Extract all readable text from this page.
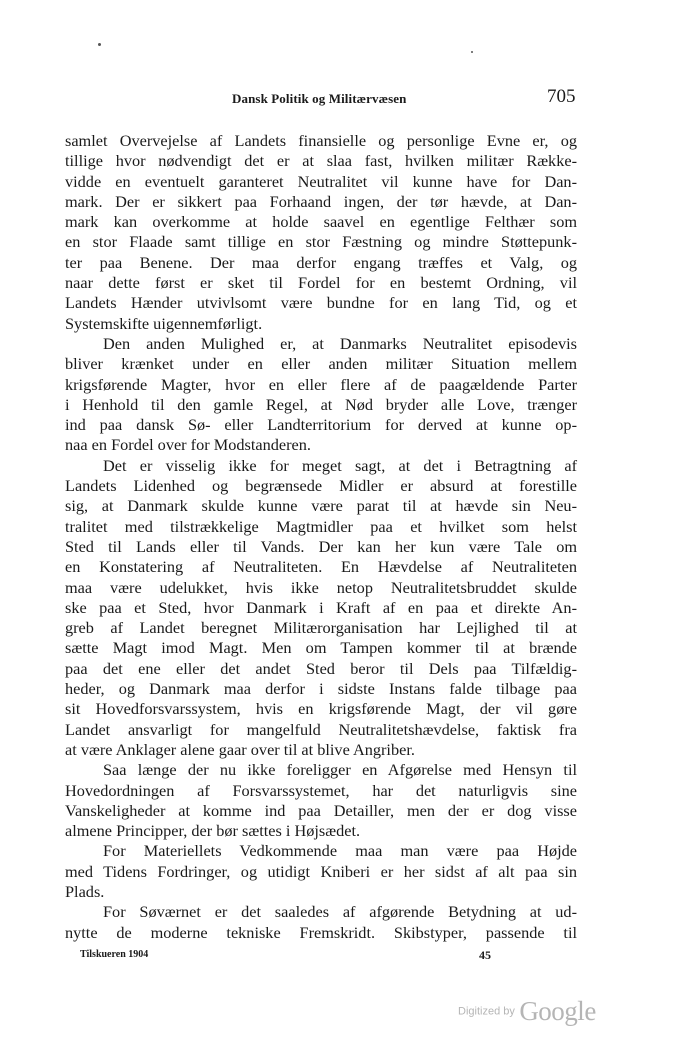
Dansk Politik og Militærvæsen	705
samlet Overvejelse af Landets finansielle og personlige Evne er, og
tillige hvor nødvendigt det er at slaa fast, hvilken militær Række-
vidde en eventuelt garanteret Neutralitet vil kunne have for Dan-
mark. Der er sikkert paa Forhaand ingen, der tør hævde, at Dan-
mark kan overkomme at holde saavel en egentlige Felthær som
en stor Flaade samt tillige en stor Fæstning og mindre Støttepunk-
ter paa Benene. Der maa derfor engang træffes et Valg, og
naar dette først er sket til Fordel for en bestemt Ordning, vil
Landets Hænder utvivlsomt være bundne for en lang Tid, og et
Systemskifte uigennemførligt.
Den anden Mulighed er, at Danmarks Neutralitet episodevis
bliver krænket under en eller anden militær Situation mellem
krigsførende Magter, hvor en eller flere af de paagældende Parter
i Henhold til den gamle Regel, at Nød bryder alle Love, trænger
ind paa dansk Sø- eller Landterritorium for derved at kunne op-
naa en Fordel over for Modstanderen.
Det er visselig ikke for meget sagt, at det i Betragtning af
Landets Lidenhed og begrænsede Midler er absurd at forestille
sig, at Danmark skulde kunne være parat til at hævde sin Neu-
tralitet med tilstrækkelige Magtmidler paa et hvilket som helst
Sted til Lands eller til Vands. Der kan her kun være Tale om
en Konstatering af Neutraliteten. En Hævdelse af Neutraliteten
maa være udelukket, hvis ikke netop Neutralitetsbruddet skulde
ske paa et Sted, hvor Danmark i Kraft af en paa et direkte An-
greb af Landet beregnet Militærorganisation har Lejlighed til at
sætte Magt imod Magt. Men om Tampen kommer til at brænde
paa det ene eller det andet Sted beror til Dels paa Tilfældig-
heder, og Danmark maa derfor i sidste Instans falde tilbage paa
sit Hovedforsvarssystem, hvis en krigsførende Magt, der vil gøre
Landet ansvarligt for mangelfuld Neutralitetshævdelse, faktisk fra
at være Anklager alene gaar over til at blive Angriber.
Saa længe der nu ikke foreligger en Afgørelse med Hensyn til
Hovedordningen af Forsvarssystemet, har det naturligvis sine
Vanskeligheder at komme ind paa Detailler, men der er dog visse
almene Principper, der bør sættes i Højsædet.
For Materiellets Vedkommende maa man være paa Højde
med Tidens Fordringer, og utidigt Kniberi er her sidst af alt paa sin
Plads.
For Søværnet er det saaledes af afgørende Betydning at ud-
nytte de moderne tekniske Fremskridt. Skibstyper, passende til
Tilskueren 1904	45
Digitized by Google
